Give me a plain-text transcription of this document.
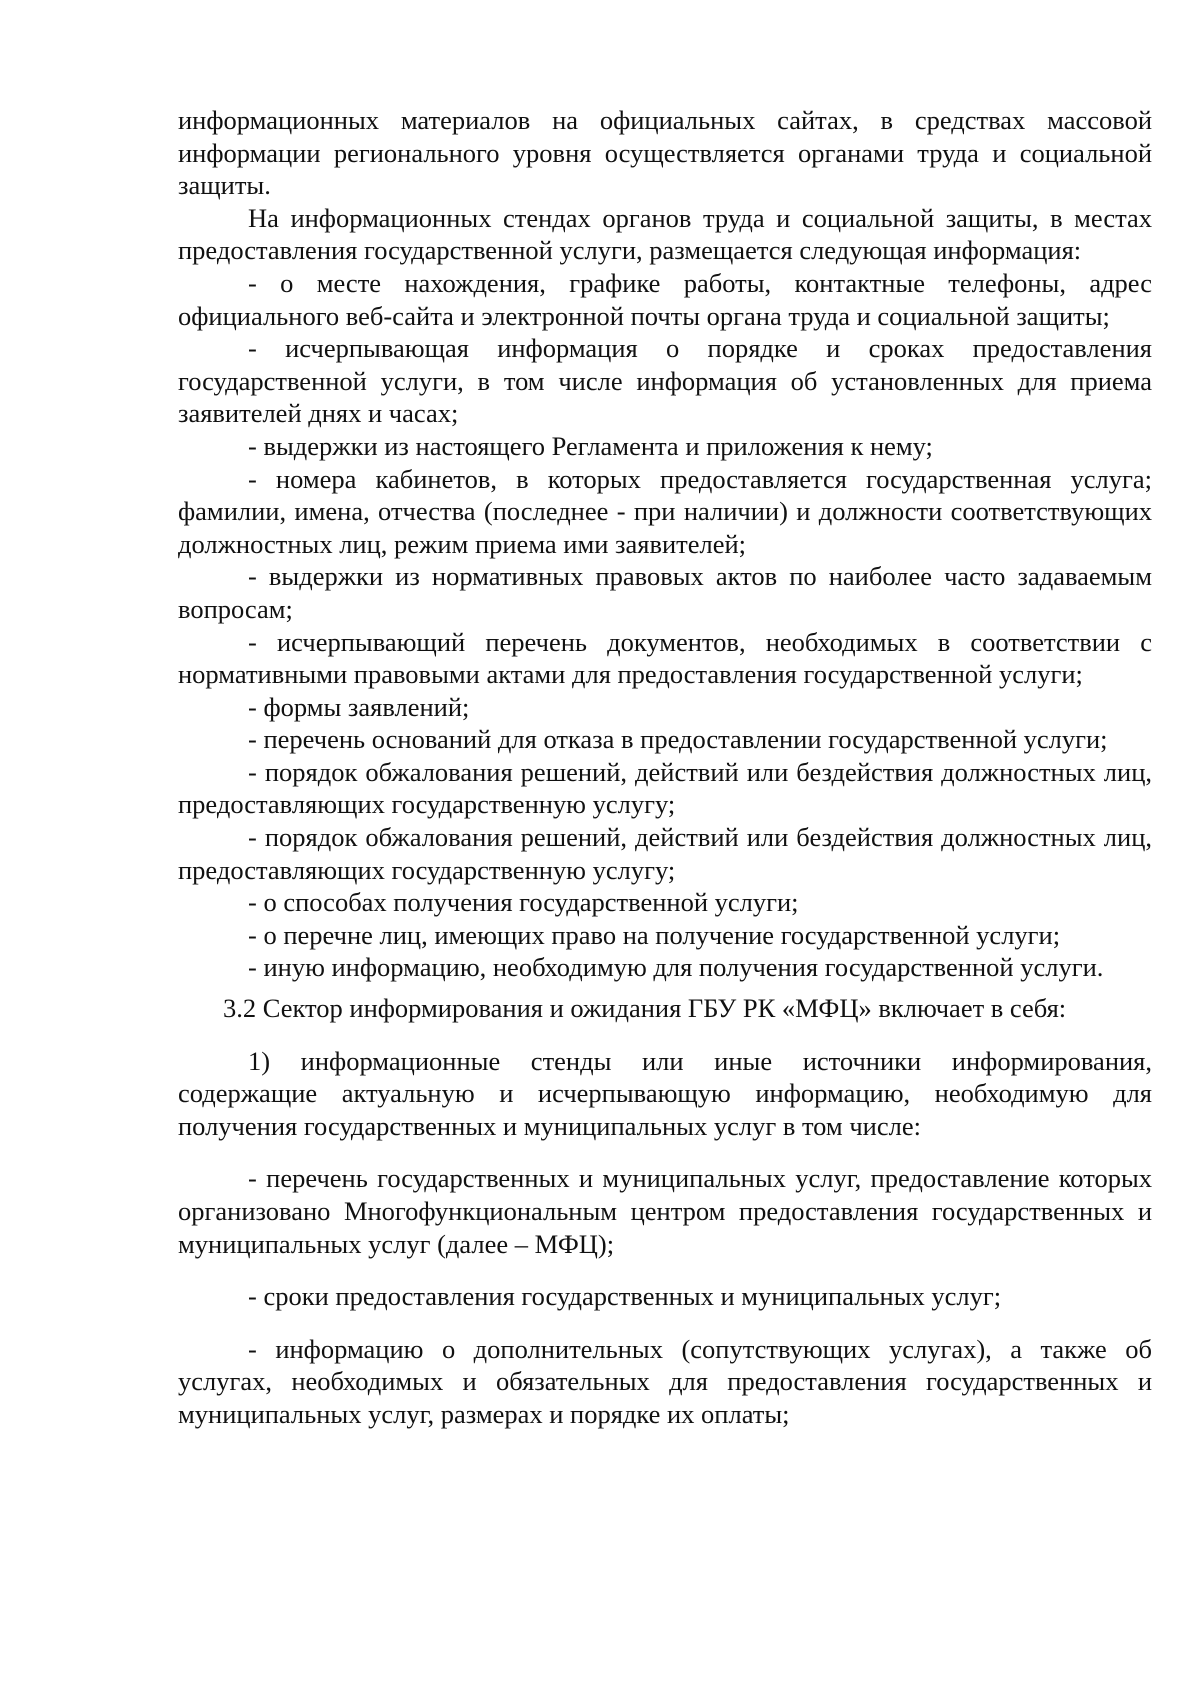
информационных материалов на официальных сайтах, в средствах массовой информации регионального уровня осуществляется органами труда и социальной защиты.

На информационных стендах органов труда и социальной защиты, в местах предоставления государственной услуги, размещается следующая информация:

- о месте нахождения, графике работы, контактные телефоны, адрес официального веб-сайта и электронной почты органа труда и социальной защиты;

- исчерпывающая информация о порядке и сроках предоставления государственной услуги, в том числе информация об установленных для приема заявителей днях и часах;

- выдержки из настоящего Регламента и приложения к нему;

- номера кабинетов, в которых предоставляется государственная услуга; фамилии, имена, отчества (последнее - при наличии) и должности соответствующих должностных лиц, режим приема ими заявителей;

- выдержки из нормативных правовых актов по наиболее часто задаваемым вопросам;

- исчерпывающий перечень документов, необходимых в соответствии с нормативными правовыми актами для предоставления государственной услуги;

- формы заявлений;

- перечень оснований для отказа в предоставлении государственной услуги;

- порядок обжалования решений, действий или бездействия должностных лиц, предоставляющих государственную услугу;

- порядок обжалования решений, действий или бездействия должностных лиц, предоставляющих государственную услугу;

- о способах получения государственной услуги;

- о перечне лиц, имеющих право на получение государственной услуги;

- иную информацию, необходимую для получения государственной услуги.

3.2 Сектор информирования и ожидания ГБУ РК «МФЦ» включает в себя:

1) информационные стенды или иные источники информирования, содержащие актуальную и исчерпывающую информацию, необходимую для получения государственных и муниципальных услуг в том числе:

- перечень государственных и муниципальных услуг, предоставление которых организовано Многофункциональным центром предоставления государственных и муниципальных услуг (далее – МФЦ);

- сроки предоставления государственных и муниципальных услуг;

- информацию о дополнительных (сопутствующих услугах), а также об услугах, необходимых и обязательных для предоставления государственных и муниципальных услуг, размерах и порядке их оплаты;
